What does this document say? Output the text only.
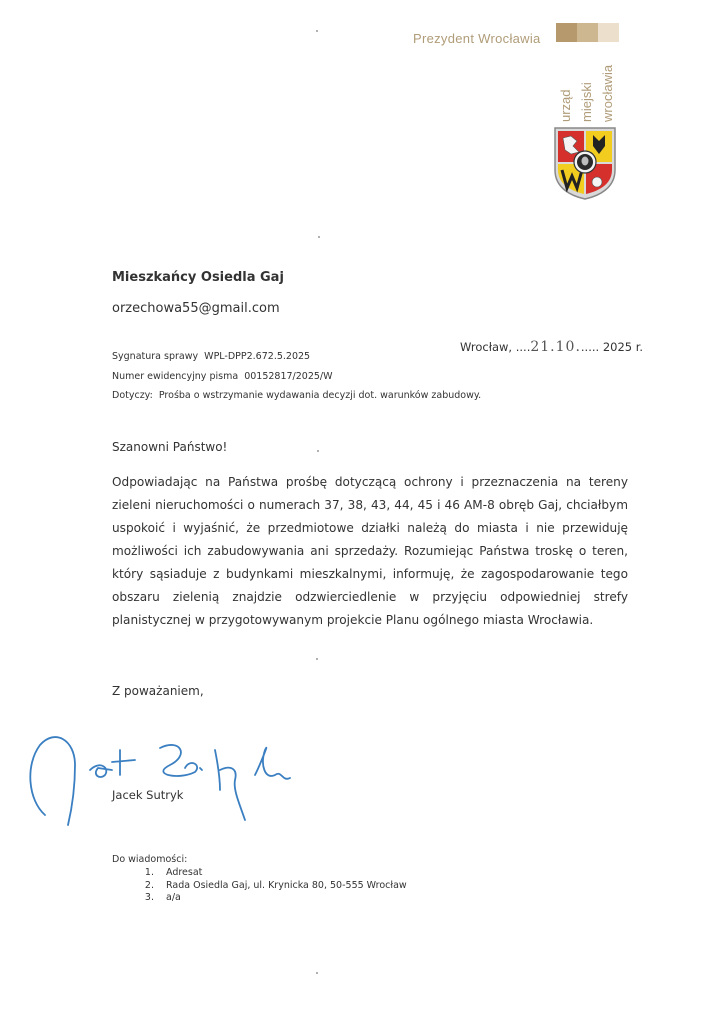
Prezydent Wrocławia
urząd miejski wrocławia
Mieszkańcy Osiedla Gaj
orzechowa55@gmail.com
Wrocław, ....21.10...... 2025 r.
Sygnatura sprawy WPL-DPP2.672.5.2025
Numer ewidencyjny pisma 00152817/2025/W
Dotyczy: Prośba o wstrzymanie wydawania decyzji dot. warunków zabudowy.
Szanowni Państwo!
Odpowiadając na Państwa prośbę dotyczącą ochrony i przeznaczenia na tereny zieleni nieruchomości o numerach 37, 38, 43, 44, 45 i 46 AM-8 obręb Gaj, chciałbym uspokoić i wyjaśnić, że przedmiotowe działki należą do miasta i nie przewiduję możliwości ich zabudowywania ani sprzedaży. Rozumiejąc Państwa troskę o teren, który sąsiaduje z budynkami mieszkalnymi, informuję, że zagospodarowanie tego obszaru zielenią znajdzie odzwierciedlenie w przyjęciu odpowiedniej strefy planistycznej w przygotowywanym projekcie Planu ogólnego miasta Wrocławia.
Z poważaniem,
Jacek Sutryk
Do wiadomości:
1.	Adresat
2.	Rada Osiedla Gaj, ul. Krynicka 80, 50-555 Wrocław
3.	a/a
